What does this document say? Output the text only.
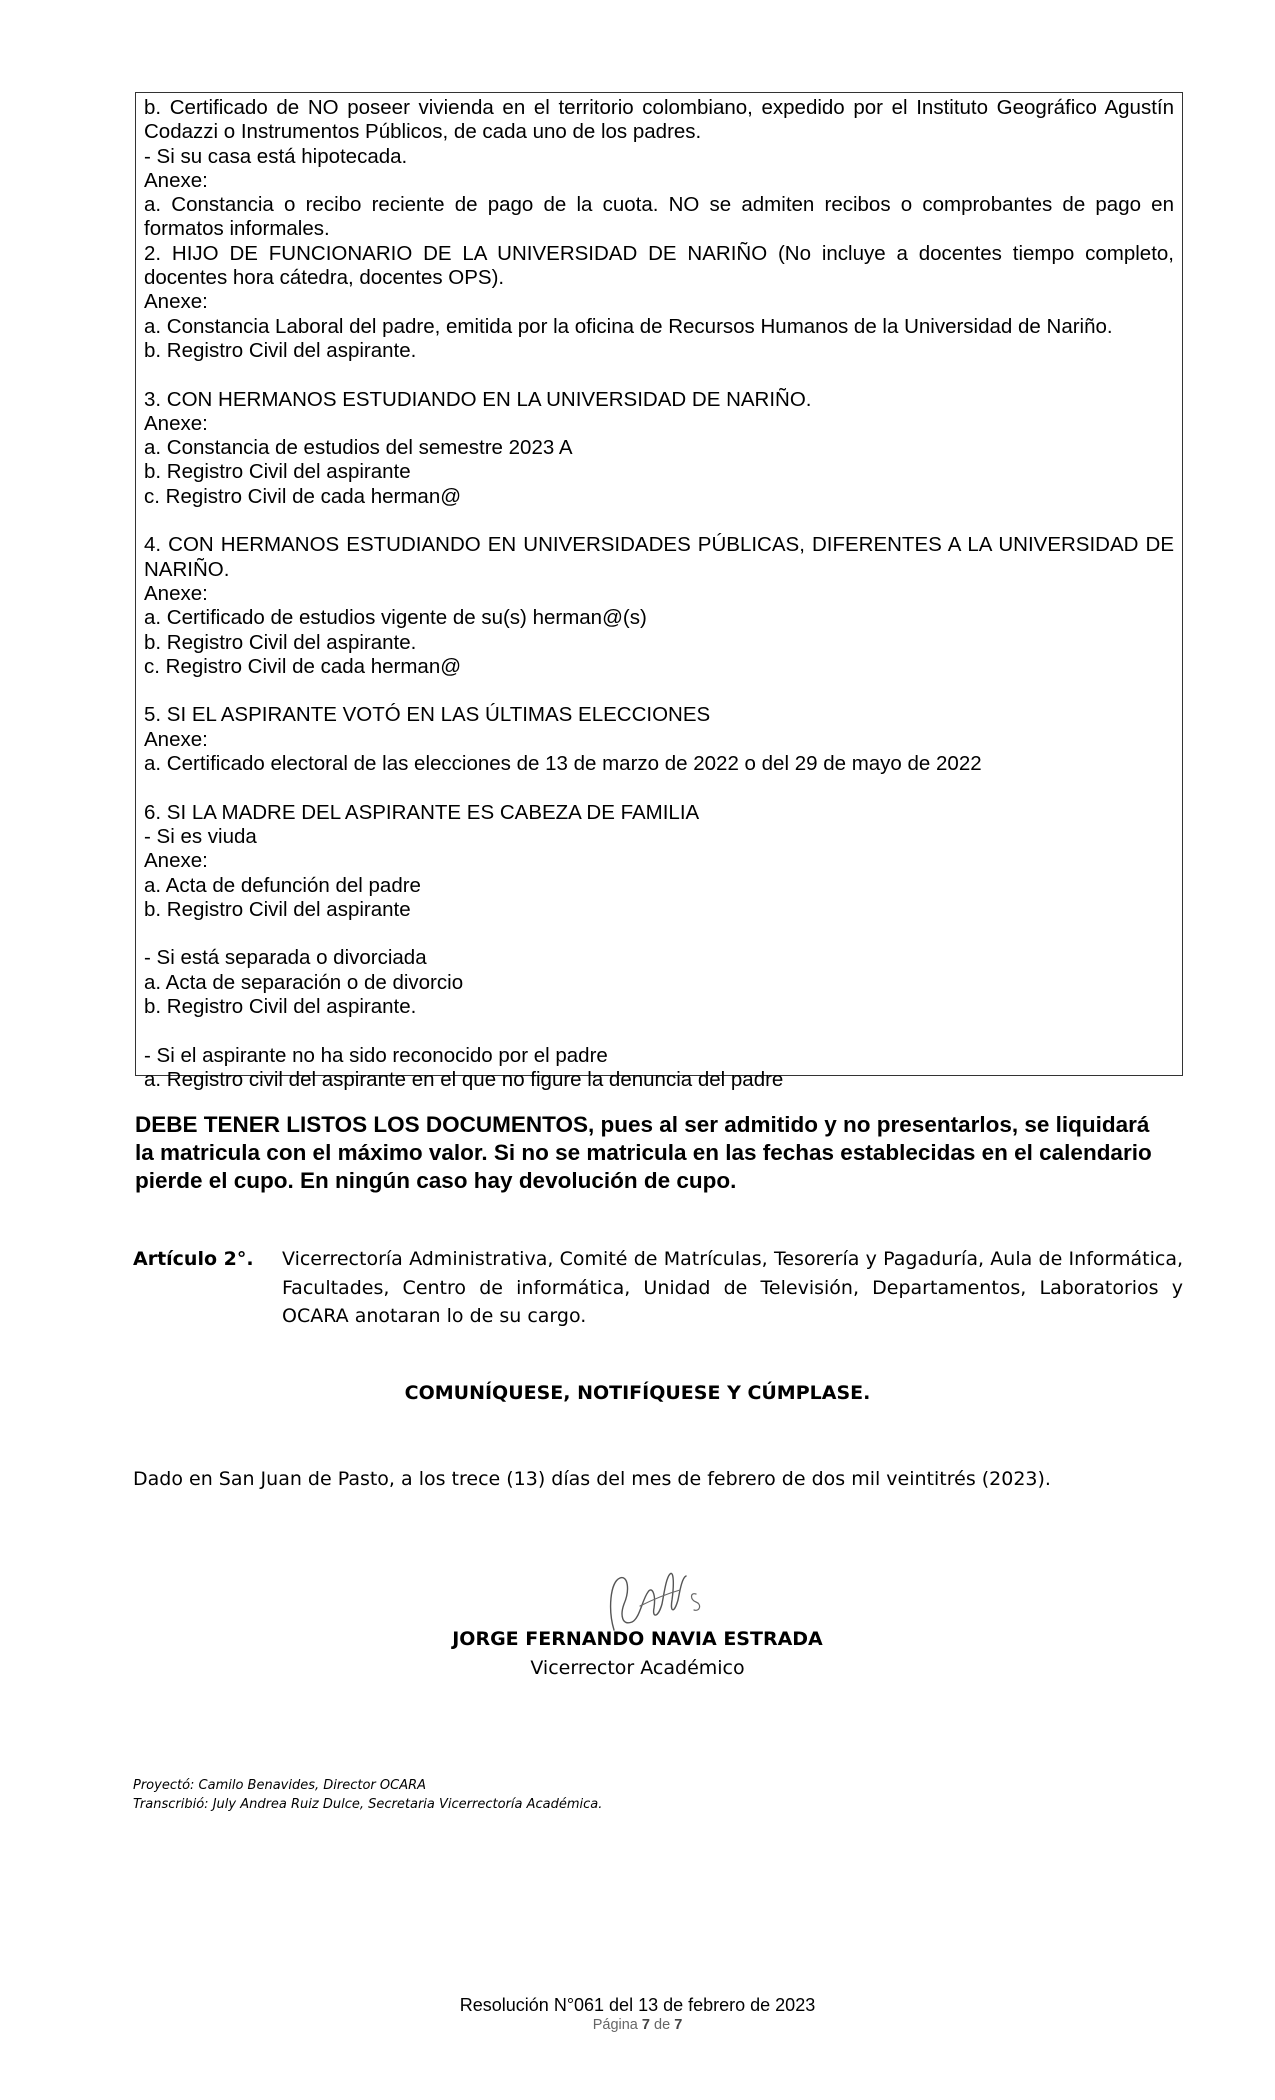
b. Certificado de NO poseer vivienda en el territorio colombiano, expedido por el Instituto Geográfico Agustín Codazzi o Instrumentos Públicos, de cada uno de los padres.
- Si su casa está hipotecada.
Anexe:
a. Constancia o recibo reciente de pago de la cuota. NO se admiten recibos o comprobantes de pago en formatos informales.
2. HIJO DE FUNCIONARIO DE LA UNIVERSIDAD DE NARIÑO (No incluye a docentes tiempo completo, docentes hora cátedra, docentes OPS).
Anexe:
a. Constancia Laboral del padre, emitida por la oficina de Recursos Humanos de la Universidad de Nariño.
b. Registro Civil del aspirante.
3. CON HERMANOS ESTUDIANDO EN LA UNIVERSIDAD DE NARIÑO.
Anexe:
a. Constancia de estudios del semestre 2023 A
b. Registro Civil del aspirante
c. Registro Civil de cada herman@
4. CON HERMANOS ESTUDIANDO EN UNIVERSIDADES PÚBLICAS, DIFERENTES A LA UNIVERSIDAD DE NARIÑO.
Anexe:
a. Certificado de estudios vigente de su(s) herman@(s)
b. Registro Civil del aspirante.
c. Registro Civil de cada herman@
5. SI EL ASPIRANTE VOTÓ EN LAS ÚLTIMAS ELECCIONES
Anexe:
a. Certificado electoral de las elecciones de 13 de marzo de 2022 o del 29 de mayo de 2022
6. SI LA MADRE DEL ASPIRANTE ES CABEZA DE FAMILIA
- Si es viuda
Anexe:
a. Acta de defunción del padre
b. Registro Civil del aspirante
- Si está separada o divorciada
a. Acta de separación o de divorcio
b. Registro Civil del aspirante.
- Si el aspirante no ha sido reconocido por el padre
a. Registro civil del aspirante en el que no figure la denuncia del padre
DEBE TENER LISTOS LOS DOCUMENTOS, pues al ser admitido y no presentarlos, se liquidará
la matricula con el máximo valor. Si no se matricula en las fechas establecidas en el calendario
pierde el cupo. En ningún caso hay devolución de cupo.
Artículo 2°. Vicerrectoría Administrativa, Comité de Matrículas, Tesorería y Pagaduría, Aula de Informática,
Facultades, Centro de informática, Unidad de Televisión, Departamentos, Laboratorios y
OCARA anotaran lo de su cargo.
COMUNÍQUESE, NOTIFÍQUESE Y CÚMPLASE.
Dado en San Juan de Pasto, a los trece (13) días del mes de febrero de dos mil veintitrés (2023).
JORGE FERNANDO NAVIA ESTRADA
Vicerrector Académico
Proyectó: Camilo Benavides, Director OCARA
Transcribió: July Andrea Ruiz Dulce, Secretaria Vicerrectoría Académica.
Resolución N°061 del 13 de febrero de 2023
Página 7 de 7
